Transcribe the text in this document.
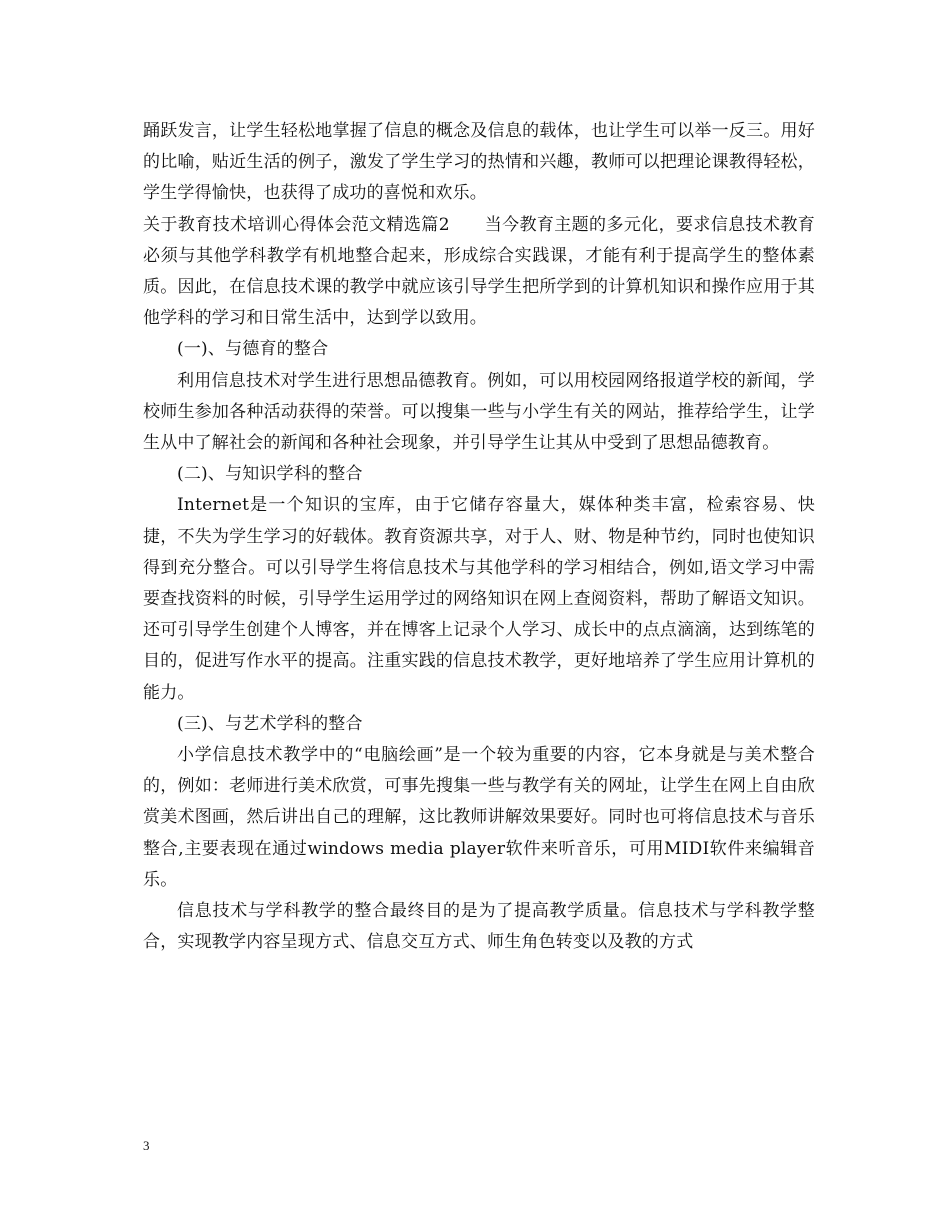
踊跃发言，让学生轻松地掌握了信息的概念及信息的载体，也让学生可以举一反三。用好的比喻，贴近生活的例子，激发了学生学习的热情和兴趣，教师可以把理论课教得轻松，学生学得愉快，也获得了成功的喜悦和欢乐。

关于教育技术培训心得体会范文精选篇2　　当今教育主题的多元化，要求信息技术教育必须与其他学科教学有机地整合起来，形成综合实践课，才能有利于提高学生的整体素质。因此，在信息技术课的教学中就应该引导学生把所学到的计算机知识和操作应用于其他学科的学习和日常生活中，达到学以致用。

(一)、与德育的整合

利用信息技术对学生进行思想品德教育。例如，可以用校园网络报道学校的新闻，学校师生参加各种活动获得的荣誉。可以搜集一些与小学生有关的网站，推荐给学生，让学生从中了解社会的新闻和各种社会现象，并引导学生让其从中受到了思想品德教育。

(二)、与知识学科的整合

Internet是一个知识的宝库，由于它储存容量大，媒体种类丰富，检索容易、快捷，不失为学生学习的好载体。教育资源共享，对于人、财、物是种节约，同时也使知识得到充分整合。可以引导学生将信息技术与其他学科的学习相结合，例如,语文学习中需要查找资料的时候，引导学生运用学过的网络知识在网上查阅资料，帮助了解语文知识。还可引导学生创建个人博客，并在博客上记录个人学习、成长中的点点滴滴，达到练笔的目的，促进写作水平的提高。注重实践的信息技术教学，更好地培养了学生应用计算机的能力。

(三)、与艺术学科的整合

小学信息技术教学中的“电脑绘画”是一个较为重要的内容，它本身就是与美术整合的，例如：老师进行美术欣赏，可事先搜集一些与教学有关的网址，让学生在网上自由欣赏美术图画，然后讲出自己的理解，这比教师讲解效果要好。同时也可将信息技术与音乐整合,主要表现在通过windows media player软件来听音乐，可用MIDI软件来编辑音乐。

信息技术与学科教学的整合最终目的是为了提高教学质量。信息技术与学科教学整合，实现教学内容呈现方式、信息交互方式、师生角色转变以及教的方式

3
